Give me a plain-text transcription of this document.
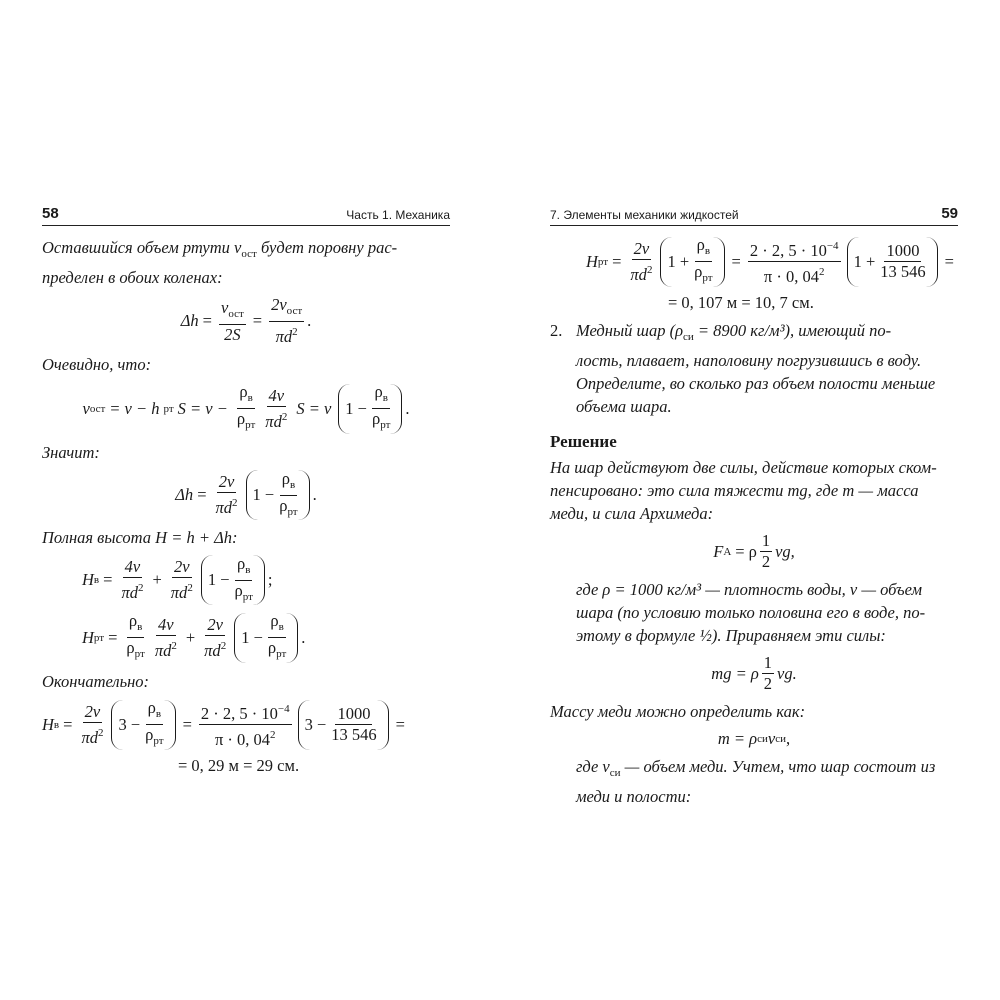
58	Часть 1. Механика

Оставшийся объем ртути $v_{ост}$ будет поровну рас-

пределен в обоих коленах:

$\Delta h = \frac{v_{ост}}{2S} = \frac{2v_{ост}}{\pi d^2}$ .

Очевидно, что:

v ост = v − h рт $S = v - \frac{\rho_в}{\rho_{рт}} \frac{4v}{\pi d^2}$ S = v $1 - \frac{\rho_в}{\rho_{рт}}$ .

Значит:

$\Delta h = \frac{2v}{\pi d^2} 1 - \frac{\rho_в}{\rho_{рт}}$ .

Полная высота H = h + Δh:

H $в = \frac{4v}{\pi d^2} + \frac{2v}{\pi d^2} 1 - \frac{\rho_в}{\rho_{рт}}$ ;
H рт = $\frac{\rho_в}{\rho_{рт}} \frac{4v}{\pi d^2} + \frac{2v}{\pi d^2} 1 - \frac{\rho_в}{\rho_{рт}}$ .

Окончательно:

H $в = \frac{2v}{\pi d^2} 3 - \frac{\rho_в}{\rho_{рт}} = \frac{2 \cdot 2, 5 \cdot 10^{-4}}{\pi \cdot 0, 04^2} 3 - \frac{1000}{13 546}$ =
= 0, 29 м = 29 см.
7. Элементы механики жидкостей	59
H рт = $\frac{2v}{\pi d^2} 1 + \frac{\rho_в}{\rho_{рт}} = \frac{2 \cdot 2, 5 \cdot 10^{-4}}{\pi \cdot 0, 04^2} 1 + \frac{1000}{13 546}$ =
= 0, 107 м = 10, 7 см.

2. Медный шар ($\rho_{си} = 8900$ кг/м³), имеющий по-

лость, плавает, наполовину погрузившись в воду.

Определите, во сколько раз объем полости меньше

объема шара.

Решение

На шар действуют две силы, действие которых ском-

пенсировано: это сила тяжести mg, где m — масса

меди, и сила Архимеда:

F A = ρ $\frac{1}{2}$ vg,

где ρ = 1000 кг/м³ — плотность воды, v — объем

шара (по условию только половина его в воде, по-

этому в формуле ½). Приравняем эти силы:

mg = ρ $\frac{1}{2}$ vg.

Массу меди можно определить как:

m = ρ си v си ,

где $v_{си}$ — объем меди. Учтем, что шар состоит из

меди и полости:
